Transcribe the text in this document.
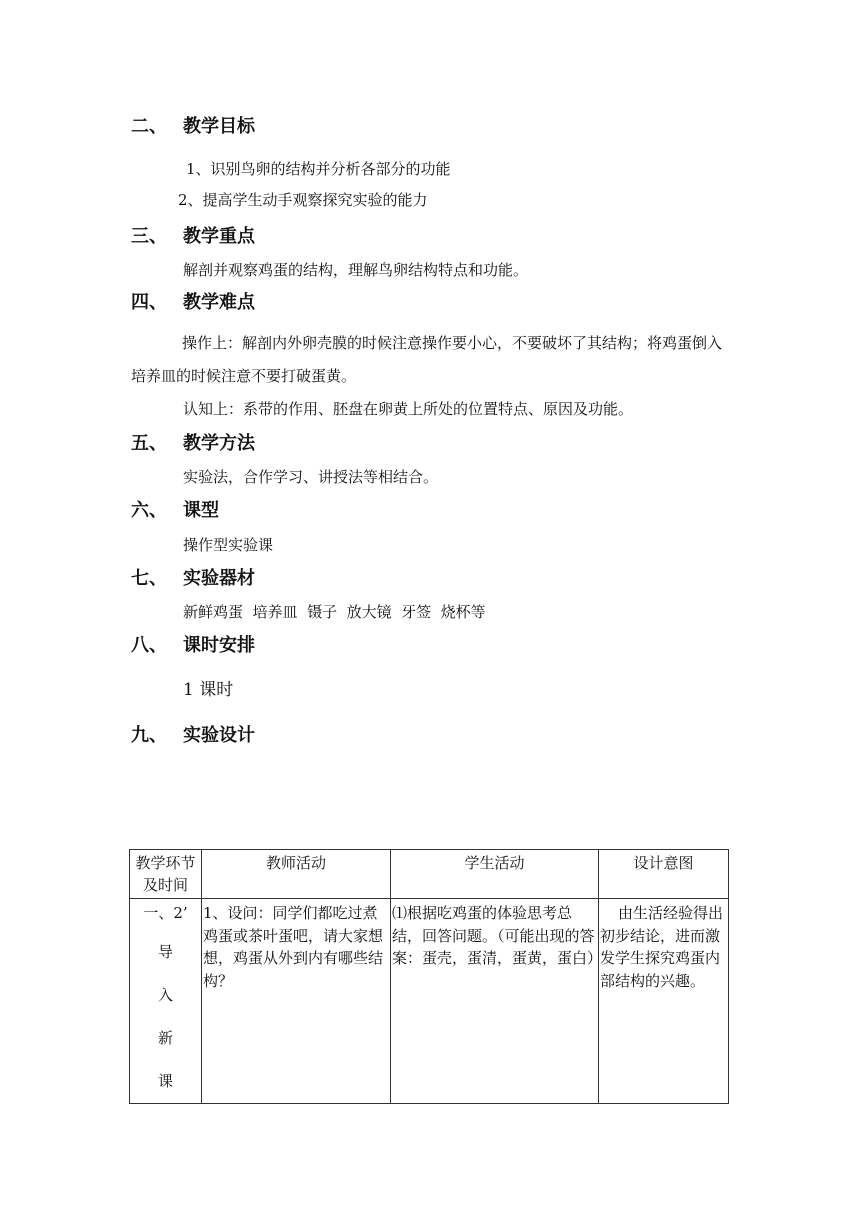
二、 教学目标
1、识别鸟卵的结构并分析各部分的功能
2、提高学生动手观察探究实验的能力
三、 教学重点
解剖并观察鸡蛋的结构，理解鸟卵结构特点和功能。
四、 教学难点
操作上：解剖内外卵壳膜的时候注意操作要小心，不要破坏了其结构；将鸡蛋倒入培养皿的时候注意不要打破蛋黄。
认知上：系带的作用、胚盘在卵黄上所处的位置特点、原因及功能。
五、 教学方法
实验法，合作学习、讲授法等相结合。
六、 课型
操作型实验课
七、 实验器材
新鲜鸡蛋  培养皿  镊子  放大镜  牙签  烧杯等
八、 课时安排
1 课时
九、 实验设计
教学环节及时间	教师活动	学生活动	设计意图

一、2’
导
入
新
课	1、设问：同学们都吃过煮鸡蛋或茶叶蛋吧，请大家想想，鸡蛋从外到内有哪些结构？	⑴根据吃鸡蛋的体验思考总结，回答问题。（可能出现的答案：蛋壳，蛋清，蛋黄，蛋白）	由生活经验得出初步结论，进而激发学生探究鸡蛋内部结构的兴趣。
